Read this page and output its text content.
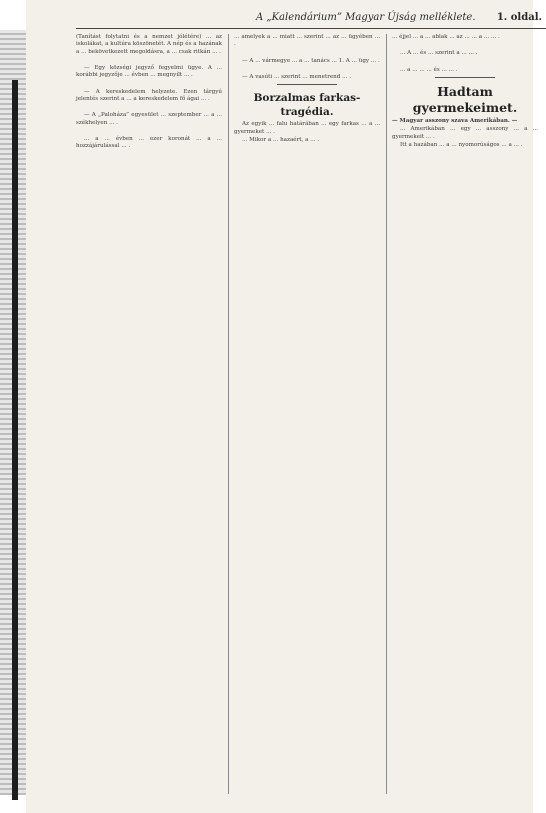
A „Kalendárium” Magyar Újság melléklete. 1. oldal.

(Tanítást folytatni és a nemzet jólétére) ... az iskolákat, a kultúra köszönetét. A nép és a hazának a ... bekövetkezett megoldásra, a ... csak ritkán ... .

— Egy községi jegyző fegyelmi ügye. A ... korábbi jegyzője ... évben ... megnyílt ... .

— A kereskedelem helyzete. Ezen tárgyú jelentés szerint a ... a kereskedelem fő ágai ... .

— A „Paloháza” egyesület ... szeptember ... a ... székhelyen ... .

... a ... évben ... ezer koronát ... a ... hozzájárulással ... .

... amelyek a ... miatt ... szerint ... az ... ügyében ... .

— A ... vármegye ... a ... tanács ... 1. A ... ügy ... .

— A vasúti ... szerint ... menetrend ... .

Borzalmas farkas-tragédia.

Az egyik ... falu határában ... egy farkas ... a ... gyermeket ... .

... Mikor a ... hazaért, a ... .

... éjjel ... a ... ablak ... az ... ... a ... ... .

... A ... és ... szerint a ... ... .

... a ... ... ... és ... ... .

Hadtam gyermekeimet.

— Magyar asszony szava Amerikában. —

... Amerikában ... egy ... asszony ... a ... gyermekeit ... .

Itt a hazában ... a ... nyomorúságos ... a ... .
